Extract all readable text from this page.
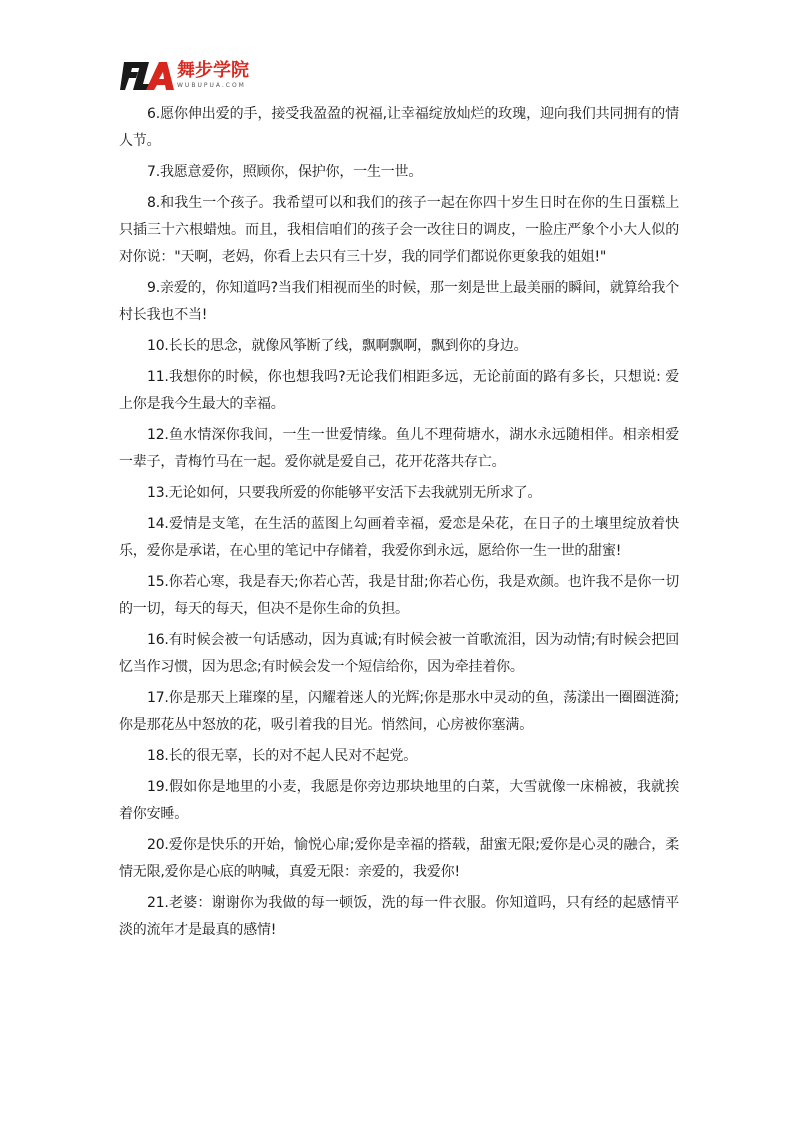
舞步学院
WUBUPUA.COM

6.愿你伸出爱的手，接受我盈盈的祝福,让幸福绽放灿烂的玫瑰，迎向我们共同拥有的情人节。

7.我愿意爱你，照顾你，保护你，一生一世。

8.和我生一个孩子。我希望可以和我们的孩子一起在你四十岁生日时在你的生日蛋糕上只插三十六根蜡烛。而且，我相信咱们的孩子会一改往日的调皮，一脸庄严象个小大人似的对你说："天啊，老妈，你看上去只有三十岁，我的同学们都说你更象我的姐姐!"

9.亲爱的，你知道吗?当我们相视而坐的时候，那一刻是世上最美丽的瞬间，就算给我个村长我也不当!

10.长长的思念，就像风筝断了线，飘啊飘啊，飘到你的身边。

11.我想你的时候，你也想我吗?无论我们相距多远，无论前面的路有多长，只想说: 爱上你是我今生最大的幸福。

12.鱼水情深你我间，一生一世爱情缘。鱼儿不理荷塘水，湖水永远随相伴。相亲相爱一辈子，青梅竹马在一起。爱你就是爱自己，花开花落共存亡。

13.无论如何，只要我所爱的你能够平安活下去我就别无所求了。

14.爱情是支笔，在生活的蓝图上勾画着幸福，爱恋是朵花，在日子的土壤里绽放着快乐，爱你是承诺，在心里的笔记中存储着，我爱你到永远，愿给你一生一世的甜蜜!

15.你若心寒，我是春天;你若心苦，我是甘甜;你若心伤，我是欢颜。也许我不是你一切的一切，每天的每天，但决不是你生命的负担。

16.有时候会被一句话感动，因为真诚;有时候会被一首歌流泪，因为动情;有时候会把回忆当作习惯，因为思念;有时候会发一个短信给你，因为牵挂着你。

17.你是那天上璀璨的星，闪耀着迷人的光辉;你是那水中灵动的鱼，荡漾出一圈圈涟漪;你是那花丛中怒放的花，吸引着我的目光。悄然间，心房被你塞满。

18.长的很无辜，长的对不起人民对不起党。

19.假如你是地里的小麦，我愿是你旁边那块地里的白菜，大雪就像一床棉被，我就挨着你安睡。

20.爱你是快乐的开始，愉悦心扉;爱你是幸福的搭载，甜蜜无限;爱你是心灵的融合，柔情无限,爱你是心底的呐喊，真爱无限：亲爱的，我爱你!

21.老婆：谢谢你为我做的每一顿饭，洗的每一件衣服。你知道吗，只有经的起感情平淡的流年才是最真的感情!
